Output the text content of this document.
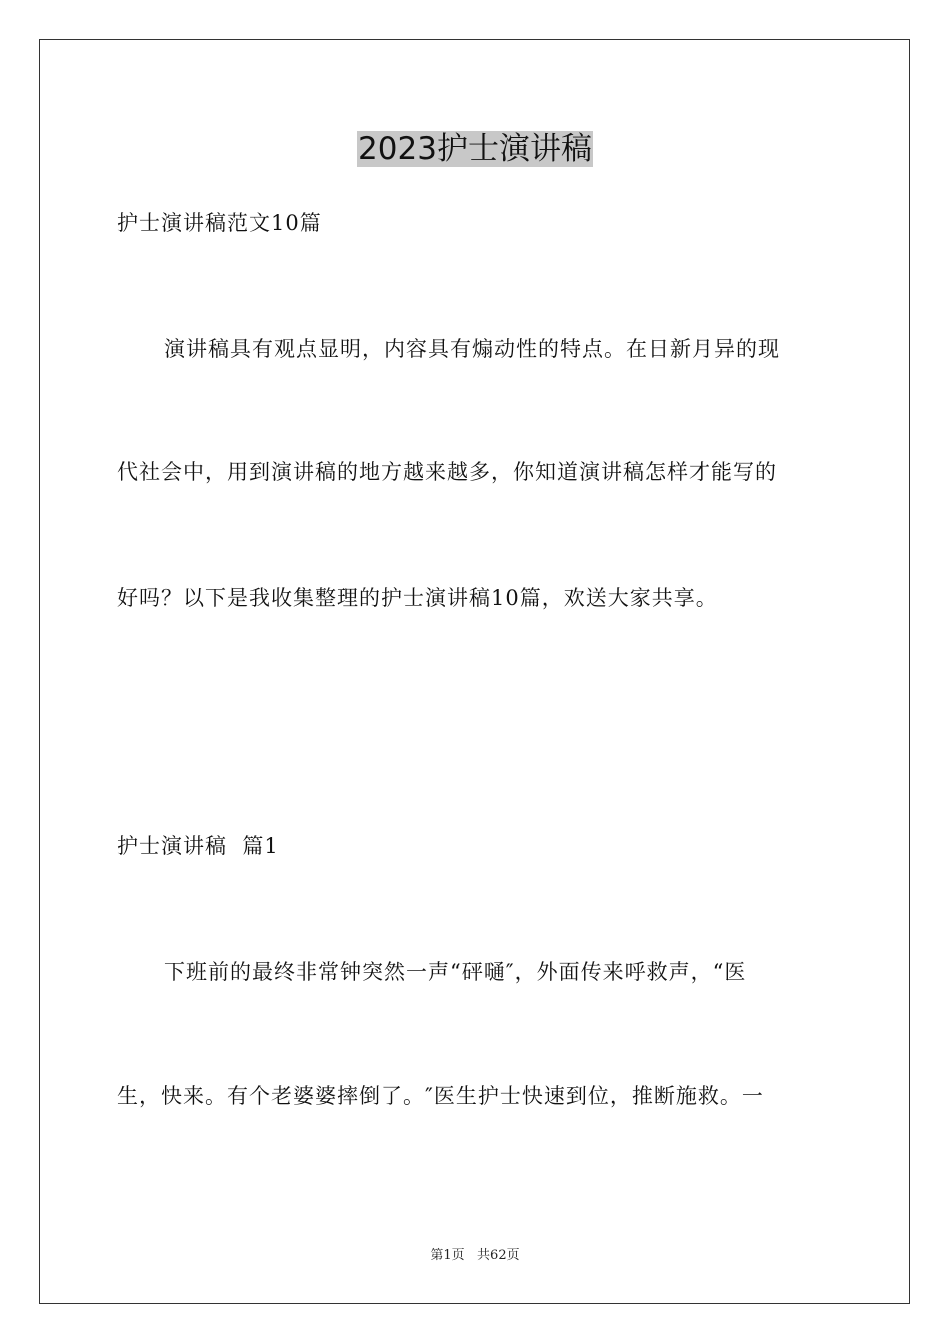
2023护士演讲稿
护士演讲稿范文10篇
演讲稿具有观点显明，内容具有煽动性的特点。在日新月异的现
代社会中，用到演讲稿的地方越来越多，你知道演讲稿怎样才能写的
好吗？以下是我收集整理的护士演讲稿10篇，欢送大家共享。
护士演讲稿  篇1
下班前的最终非常钟突然一声“砰嗵″，外面传来呼救声，“医
生，快来。有个老婆婆摔倒了。″医生护士快速到位，推断施救。一
第1页   共62页
